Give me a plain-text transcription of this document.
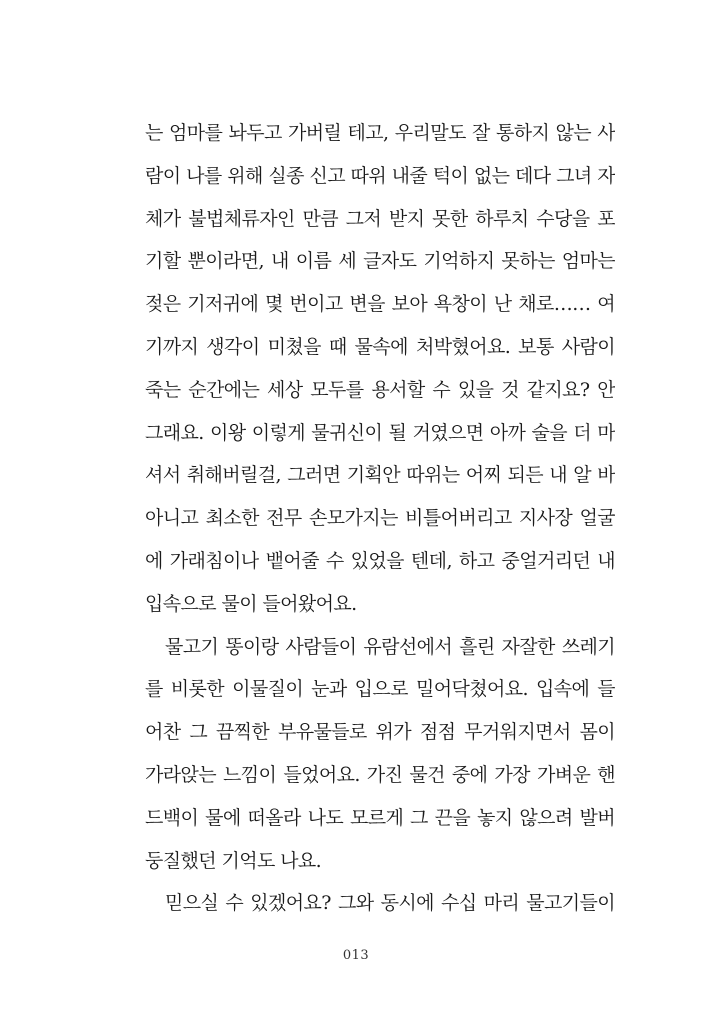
는 엄마를 놔두고 가버릴 테고, 우리말도 잘 통하지 않는 사
람이 나를 위해 실종 신고 따위 내줄 턱이 없는 데다 그녀 자
체가 불법체류자인 만큼 그저 받지 못한 하루치 수당을 포
기할 뿐이라면, 내 이름 세 글자도 기억하지 못하는 엄마는
젖은 기저귀에 몇 번이고 변을 보아 욕창이 난 채로…… 여
기까지 생각이 미쳤을 때 물속에 처박혔어요. 보통 사람이
죽는 순간에는 세상 모두를 용서할 수 있을 것 같지요? 안
그래요. 이왕 이렇게 물귀신이 될 거였으면 아까 술을 더 마
셔서 취해버릴걸, 그러면 기획안 따위는 어찌 되든 내 알 바
아니고 최소한 전무 손모가지는 비틀어버리고 지사장 얼굴
에 가래침이나 뱉어줄 수 있었을 텐데, 하고 중얼거리던 내
입속으로 물이 들어왔어요.
물고기 똥이랑 사람들이 유람선에서 흘린 자잘한 쓰레기
를 비롯한 이물질이 눈과 입으로 밀어닥쳤어요. 입속에 들
어찬 그 끔찍한 부유물들로 위가 점점 무거워지면서 몸이
가라앉는 느낌이 들었어요. 가진 물건 중에 가장 가벼운 핸
드백이 물에 떠올라 나도 모르게 그 끈을 놓지 않으려 발버
둥질했던 기억도 나요.
믿으실 수 있겠어요? 그와 동시에 수십 마리 물고기들이
013
